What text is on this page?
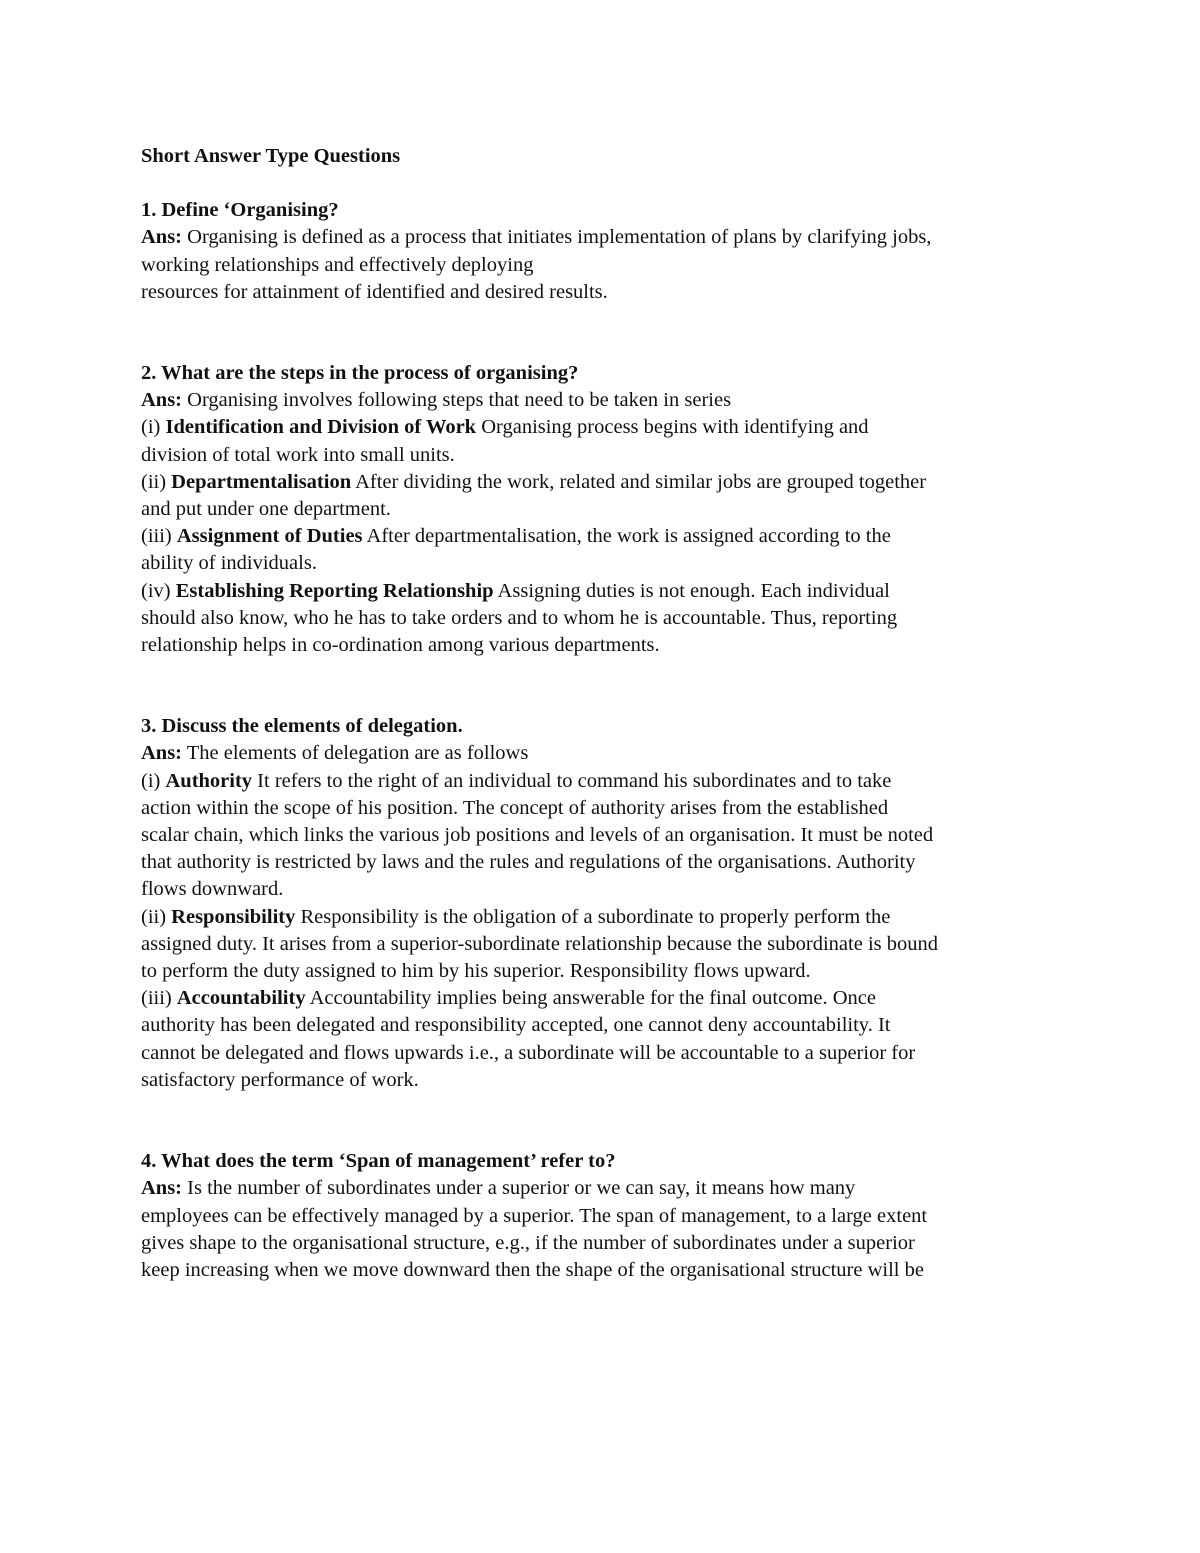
Short Answer Type Questions
1. Define ‘Organising?
Ans: Organising is defined as a process that initiates implementation of plans by clarifying jobs,
working relationships and effectively deploying
resources for attainment of identified and desired results.
2. What are the steps in the process of organising?
Ans: Organising involves following steps that need to be taken in series
(i) Identification and Division of Work Organising process begins with identifying and
division of total work into small units.
(ii) Departmentalisation After dividing the work, related and similar jobs are grouped together
and put under one department.
(iii) Assignment of Duties After departmentalisation, the work is assigned according to the
ability of individuals.
(iv) Establishing Reporting Relationship Assigning duties is not enough. Each individual
should also know, who he has to take orders and to whom he is accountable. Thus, reporting
relationship helps in co-ordination among various departments.
3. Discuss the elements of delegation.
Ans: The elements of delegation are as follows
(i) Authority It refers to the right of an individual to command his subordinates and to take
action within the scope of his position. The concept of authority arises from the established
scalar chain, which links the various job positions and levels of an organisation. It must be noted
that authority is restricted by laws and the rules and regulations of the organisations. Authority
flows downward.
(ii) Responsibility Responsibility is the obligation of a subordinate to properly perform the
assigned duty. It arises from a superior-subordinate relationship because the subordinate is bound
to perform the duty assigned to him by his superior. Responsibility flows upward.
(iii) Accountability Accountability implies being answerable for the final outcome. Once
authority has been delegated and responsibility accepted, one cannot deny accountability. It
cannot be delegated and flows upwards i.e., a subordinate will be accountable to a superior for
satisfactory performance of work.
4. What does the term ‘Span of management’ refer to?
Ans: Is the number of subordinates under a superior or we can say, it means how many
employees can be effectively managed by a superior. The span of management, to a large extent
gives shape to the organisational structure, e.g., if the number of subordinates under a superior
keep increasing when we move downward then the shape of the organisational structure will be
